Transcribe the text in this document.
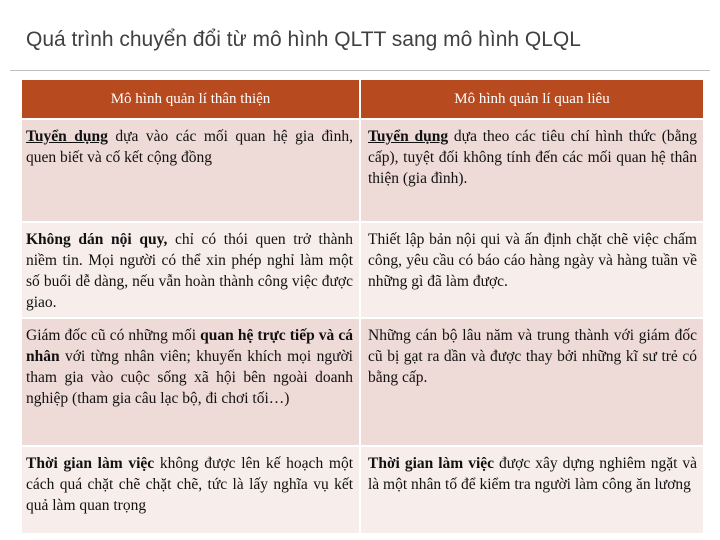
Quá trình chuyển đổi từ mô hình QLTT sang mô hình QLQL
Mô hình quản lí thân thiện	Mô hình quản lí quan liêu
Tuyển dụng dựa vào các mối quan hệ gia đình, quen biết và cố kết cộng đồng	Tuyển dụng dựa theo các tiêu chí hình thức (bằng cấp), tuyệt đối không tính đến các mối quan hệ thân thiện (gia đình).
Không dán nội quy, chỉ có thói quen trở thành niềm tin. Mọi người có thể xin phép nghỉ làm một số buổi dễ dàng, nếu vẫn hoàn thành công việc được giao.	Thiết lập bản nội qui và ấn định chặt chẽ việc chấm công, yêu cầu có báo cáo hàng ngày và hàng tuần về những gì đã làm được.
Giám đốc cũ có những mối quan hệ trực tiếp và cá nhân với từng nhân viên; khuyến khích mọi người tham gia vào cuộc sống xã hội bên ngoài doanh nghiệp (tham gia câu lạc bộ, đi chơi tối…)	Những cán bộ lâu năm và trung thành với giám đốc cũ bị gạt ra dần và được thay bởi những kĩ sư trẻ có bằng cấp.
Thời gian làm việc không được lên kế hoạch một cách quá chặt chẽ chặt chẽ, tức là lấy nghĩa vụ kết quả làm quan trọng	Thời gian làm việc được xây dựng nghiêm ngặt và là một nhân tố để kiểm tra người làm công ăn lương
